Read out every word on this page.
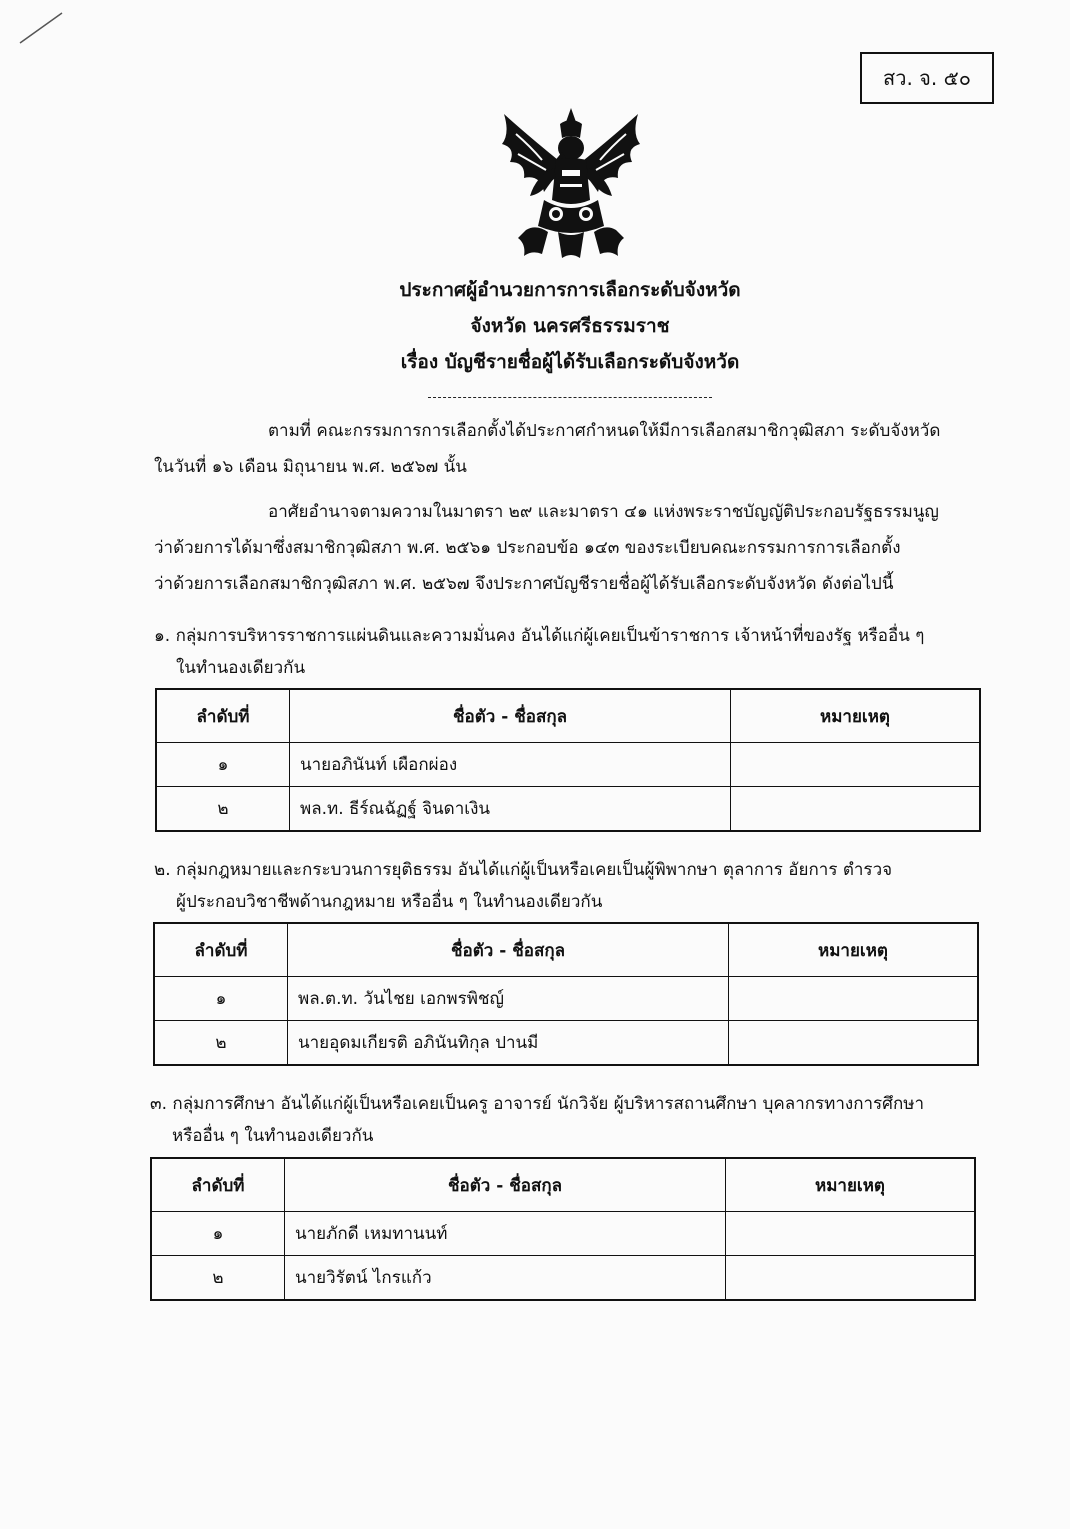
สว. จ. ๕๐
ประกาศผู้อำนวยการการเลือกระดับจังหวัด
จังหวัด นครศรีธรรมราช
เรื่อง บัญชีรายชื่อผู้ได้รับเลือกระดับจังหวัด
ตามที่ คณะกรรมการการเลือกตั้งได้ประกาศกำหนดให้มีการเลือกสมาชิกวุฒิสภา ระดับจังหวัด
ในวันที่ ๑๖ เดือน มิถุนายน พ.ศ. ๒๕๖๗ นั้น
อาศัยอำนาจตามความในมาตรา ๒๙ และมาตรา ๔๑ แห่งพระราชบัญญัติประกอบรัฐธรรมนูญ
ว่าด้วยการได้มาซึ่งสมาชิกวุฒิสภา พ.ศ. ๒๕๖๑ ประกอบข้อ ๑๔๓ ของระเบียบคณะกรรมการการเลือกตั้ง
ว่าด้วยการเลือกสมาชิกวุฒิสภา พ.ศ. ๒๕๖๗ จึงประกาศบัญชีรายชื่อผู้ได้รับเลือกระดับจังหวัด ดังต่อไปนี้
๑. กลุ่มการบริหารราชการแผ่นดินและความมั่นคง อันได้แก่ผู้เคยเป็นข้าราชการ เจ้าหน้าที่ของรัฐ หรืออื่น ๆ
ในทำนองเดียวกัน
ลำดับที่	ชื่อตัว - ชื่อสกุล	หมายเหตุ
๑	นายอภินันท์ เผือกผ่อง	
๒	พล.ท. ธีร์ณฉัฏฐ์ จินดาเงิน	
๒. กลุ่มกฎหมายและกระบวนการยุติธรรม อันได้แก่ผู้เป็นหรือเคยเป็นผู้พิพากษา ตุลาการ อัยการ ตำรวจ
ผู้ประกอบวิชาชีพด้านกฎหมาย หรืออื่น ๆ ในทำนองเดียวกัน
ลำดับที่	ชื่อตัว - ชื่อสกุล	หมายเหตุ
๑	พล.ต.ท. วันไชย เอกพรพิชญ์	
๒	นายอุดมเกียรติ อภินันทิกุล ปานมี	
๓. กลุ่มการศึกษา อันได้แก่ผู้เป็นหรือเคยเป็นครู อาจารย์ นักวิจัย ผู้บริหารสถานศึกษา บุคลากรทางการศึกษา
หรืออื่น ๆ ในทำนองเดียวกัน
ลำดับที่	ชื่อตัว - ชื่อสกุล	หมายเหตุ
๑	นายภักดี เหมทานนท์	
๒	นายวิรัตน์ ไกรแก้ว	
